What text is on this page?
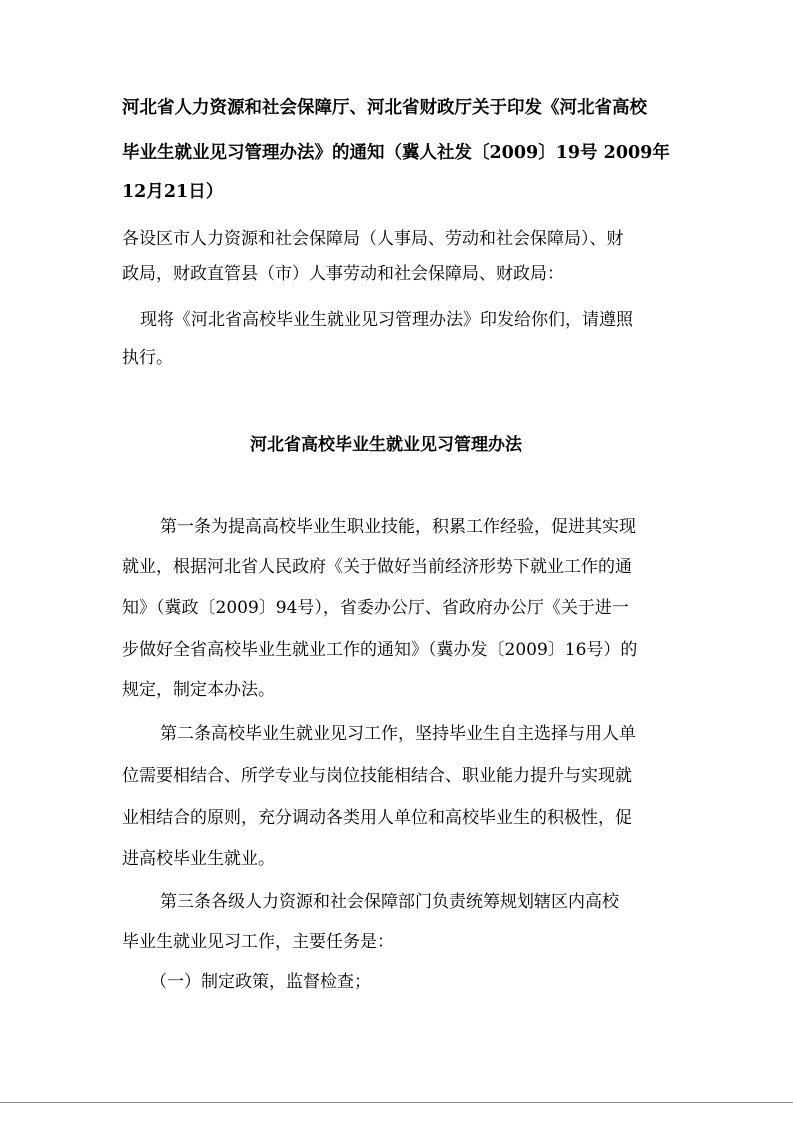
河北省人力资源和社会保障厅、河北省财政厅关于印发《河北省高校
毕业生就业见习管理办法》的通知（冀人社发〔2009〕19号 2009年
12月21日）
各设区市人力资源和社会保障局（人事局、劳动和社会保障局）、财
政局，财政直管县（市）人事劳动和社会保障局、财政局：
现将《河北省高校毕业生就业见习管理办法》印发给你们，请遵照
执行。
河北省高校毕业生就业见习管理办法
第一条为提高高校毕业生职业技能，积累工作经验，促进其实现
就业，根据河北省人民政府《关于做好当前经济形势下就业工作的通
知》（冀政〔2009〕94号），省委办公厅、省政府办公厅《关于进一
步做好全省高校毕业生就业工作的通知》（冀办发〔2009〕16号）的
规定，制定本办法。
第二条高校毕业生就业见习工作，坚持毕业生自主选择与用人单
位需要相结合、所学专业与岗位技能相结合、职业能力提升与实现就
业相结合的原则，充分调动各类用人单位和高校毕业生的积极性，促
进高校毕业生就业。
第三条各级人力资源和社会保障部门负责统筹规划辖区内高校
毕业生就业见习工作，主要任务是：
（一）制定政策，监督检查；
